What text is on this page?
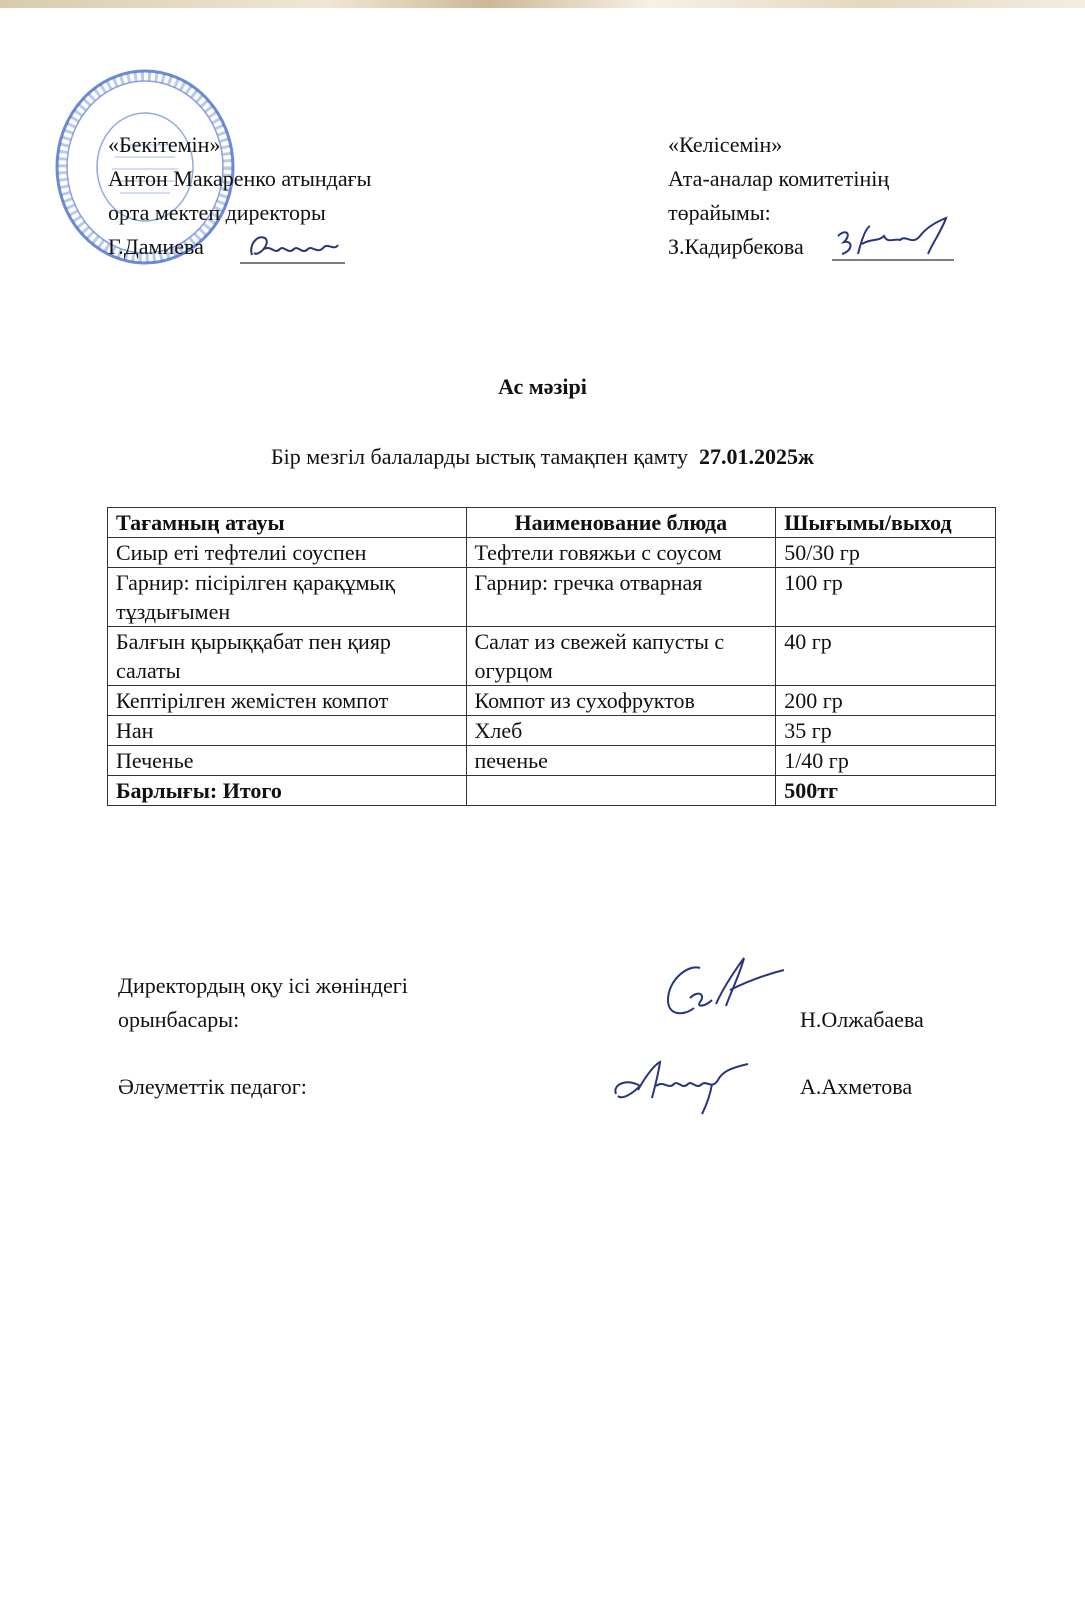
«Бекітемін»
Антон Макаренко атындағы
орта мектеп директоры
Г.Дамиева
«Келісемін»
Ата-аналар комитетінің
төрайымы:
З.Кадирбекова
Ас мәзірі
Бір мезгіл балаларды ыстық тамақпен қамту 27.01.2025ж
Тағамның атауы	Наименование блюда	Шығымы/выход
Сиыр еті тефтелиі соуспен	Тефтели говяжьи с соусом	50/30 гр
Гарнир: пісірілген қарақұмық тұздығымен	Гарнир: гречка отварная	100 гр
Балғын қырыққабат пен қияр салаты	Салат из свежей капусты с огурцом	40 гр
Кептірілген жемістен компот	Компот из сухофруктов	200 гр
Нан	Хлеб	35 гр
Печенье	печенье	1/40 гр
Барлығы: Итого		500тг
Директордың оқу ісі жөніндегі
орынбасары:	Н.Олжабаева
Әлеуметтік педагог:	А.Ахметова
